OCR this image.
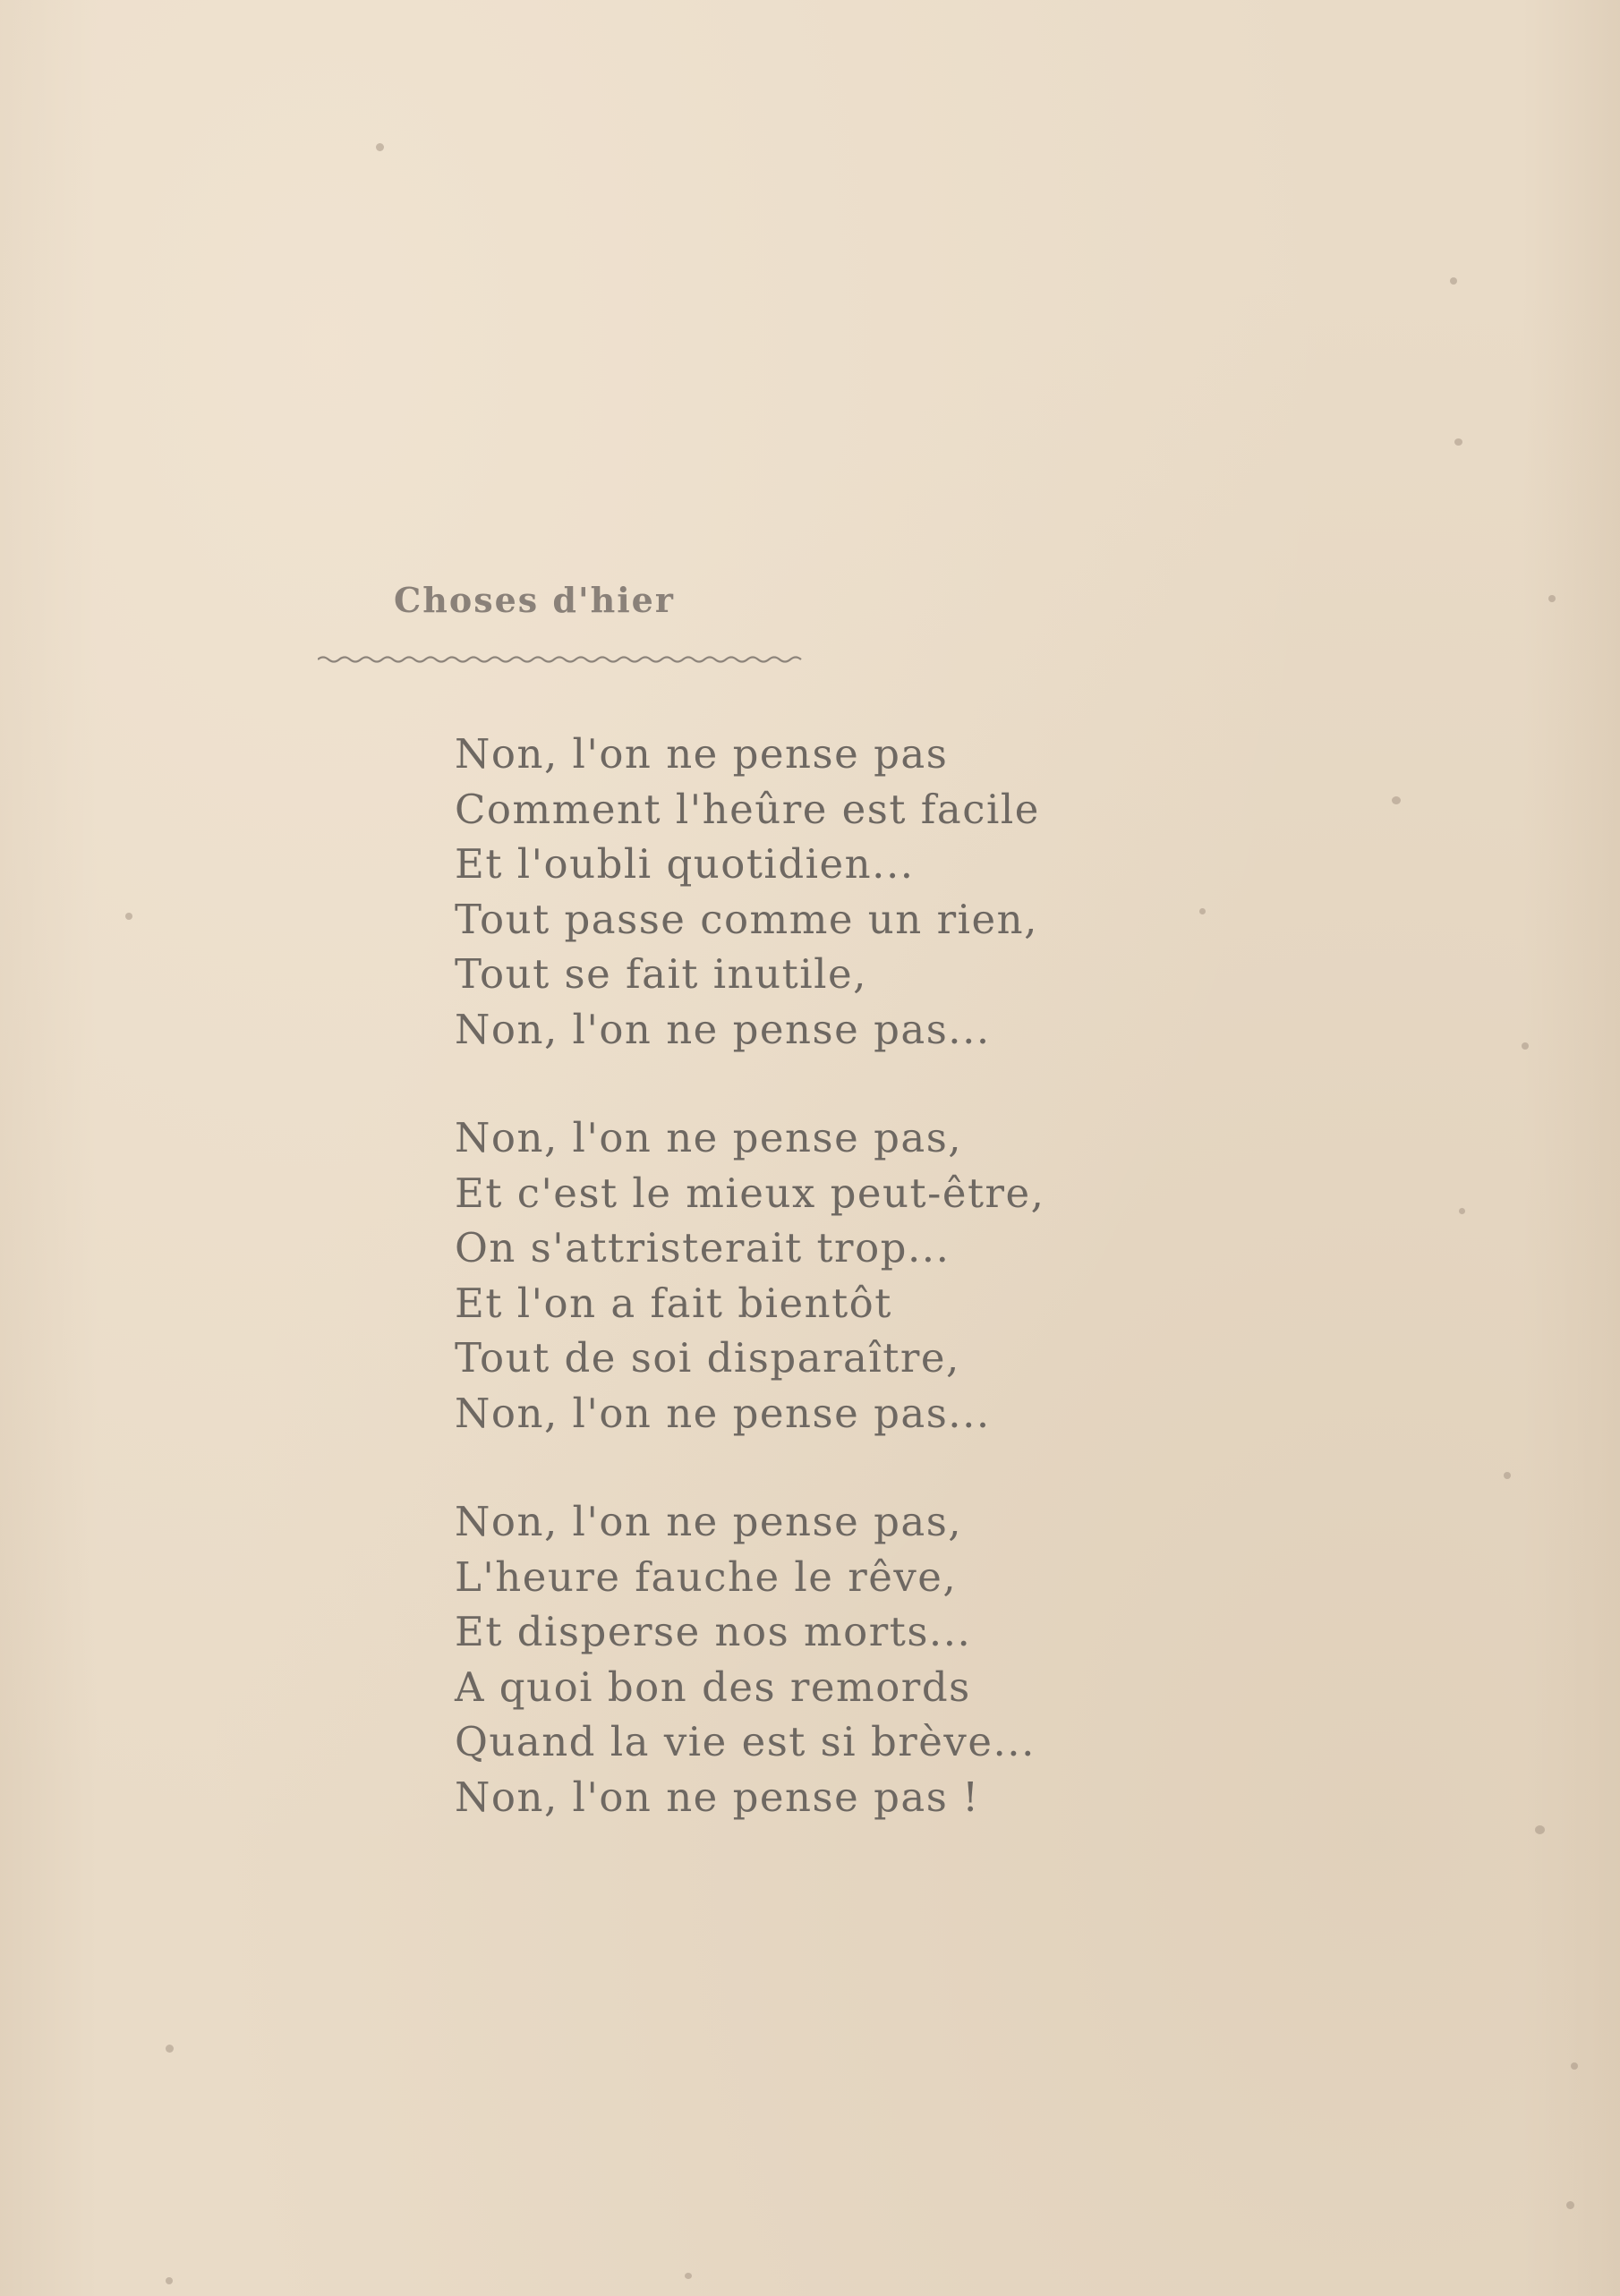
Choses d'hier
Non, l'on ne pense pas
Comment l'heûre est facile
Et l'oubli quotidien...
Tout passe comme un rien,
Tout se fait inutile,
Non, l'on ne pense pas...
Non, l'on ne pense pas,
Et c'est le mieux peut-être,
On s'attristerait trop...
Et l'on a fait bientôt
Tout de soi disparaître,
Non, l'on ne pense pas...
Non, l'on ne pense pas,
L'heure fauche le rêve,
Et disperse nos morts...
A quoi bon des remords
Quand la vie est si brève...
Non, l'on ne pense pas !
